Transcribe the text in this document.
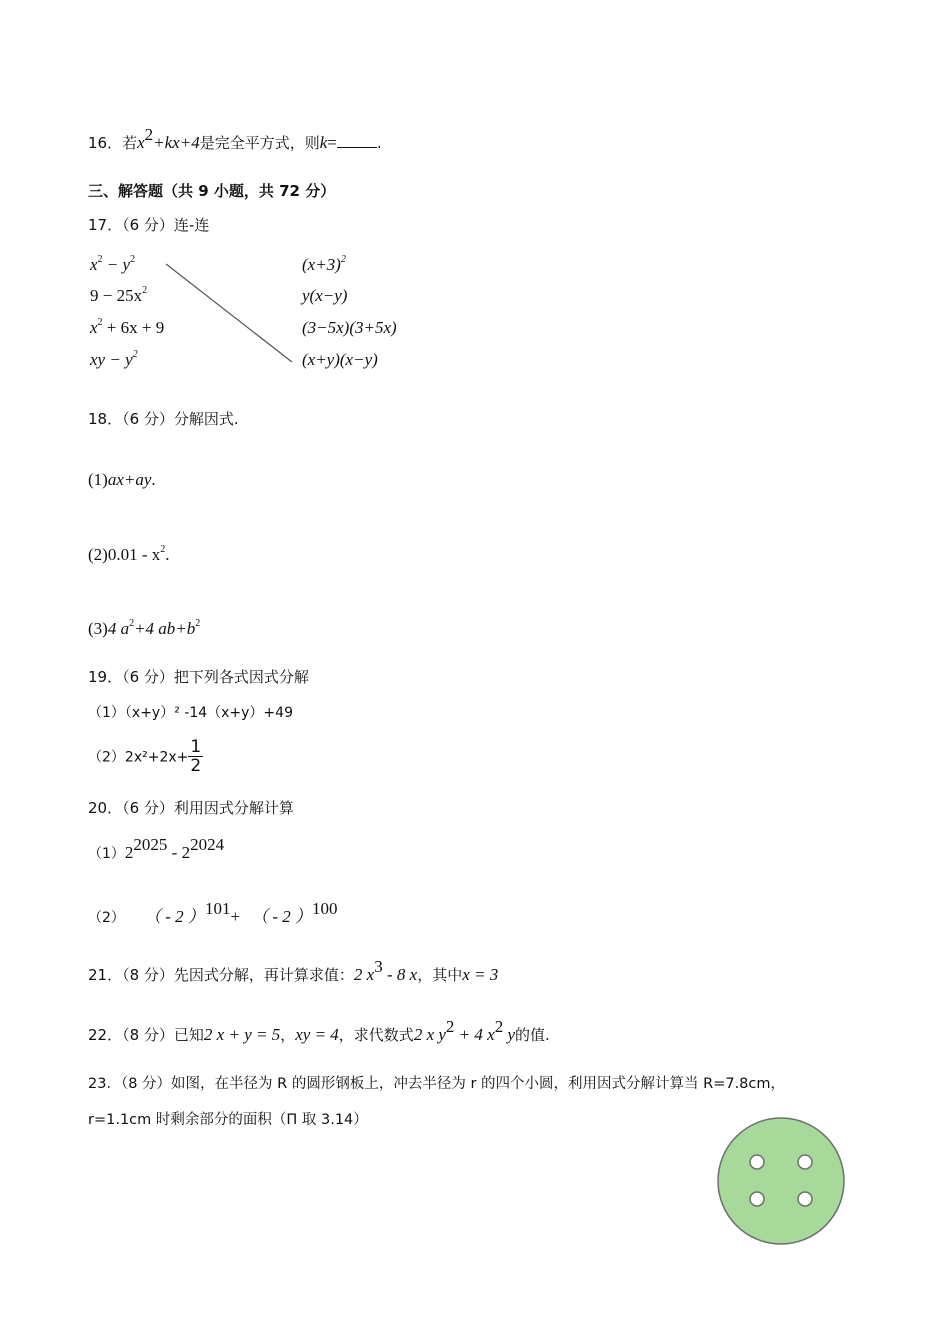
16．若$x^2+kx+4$是完全平方式，则k=	.
三、解答题（共 9 小题，共 72 分）
17．（6 分）连-连
$x^2 - y^2$
$9 - 25x^2$
$x^2 + 6x + 9$
xy − $y^2$
$(x+3)^2$
y(x−y)
(3−5x)(3+5x)
(x+y)(x−y)
18．（6 分）分解因式.
(1)ax+ay.
$(2)0.01 - x^2$.
(3)4 $a^2+4$ $ab+b^2$
19．（6 分）把下列各式因式分解
（1）（x+y）² -14（x+y）+49
$(2)2x^2+2x+ \frac{1}{2}$
20．（6 分）利用因式分解计算
$(1)2^{2025} - 2^{2024}$
（2） （ - 2 ）$^{101}$+ （ - 2 ）$^{100}$
21．（8 分）先因式分解，再计算求值：2 $x^3 - 8$ x，其中x = 3
22．（8 分）已知2 x + y = 5，xy = 4，求代数式2 x $y^2 + 4$ $x^2$ y的值.
23．（8 分）如图，在半径为 R 的圆形钢板上，冲去半径为 r 的四个小圆，利用因式分解计算当 R=7.8cm，
r=1.1cm 时剩余部分的面积（Π 取 3.14）
